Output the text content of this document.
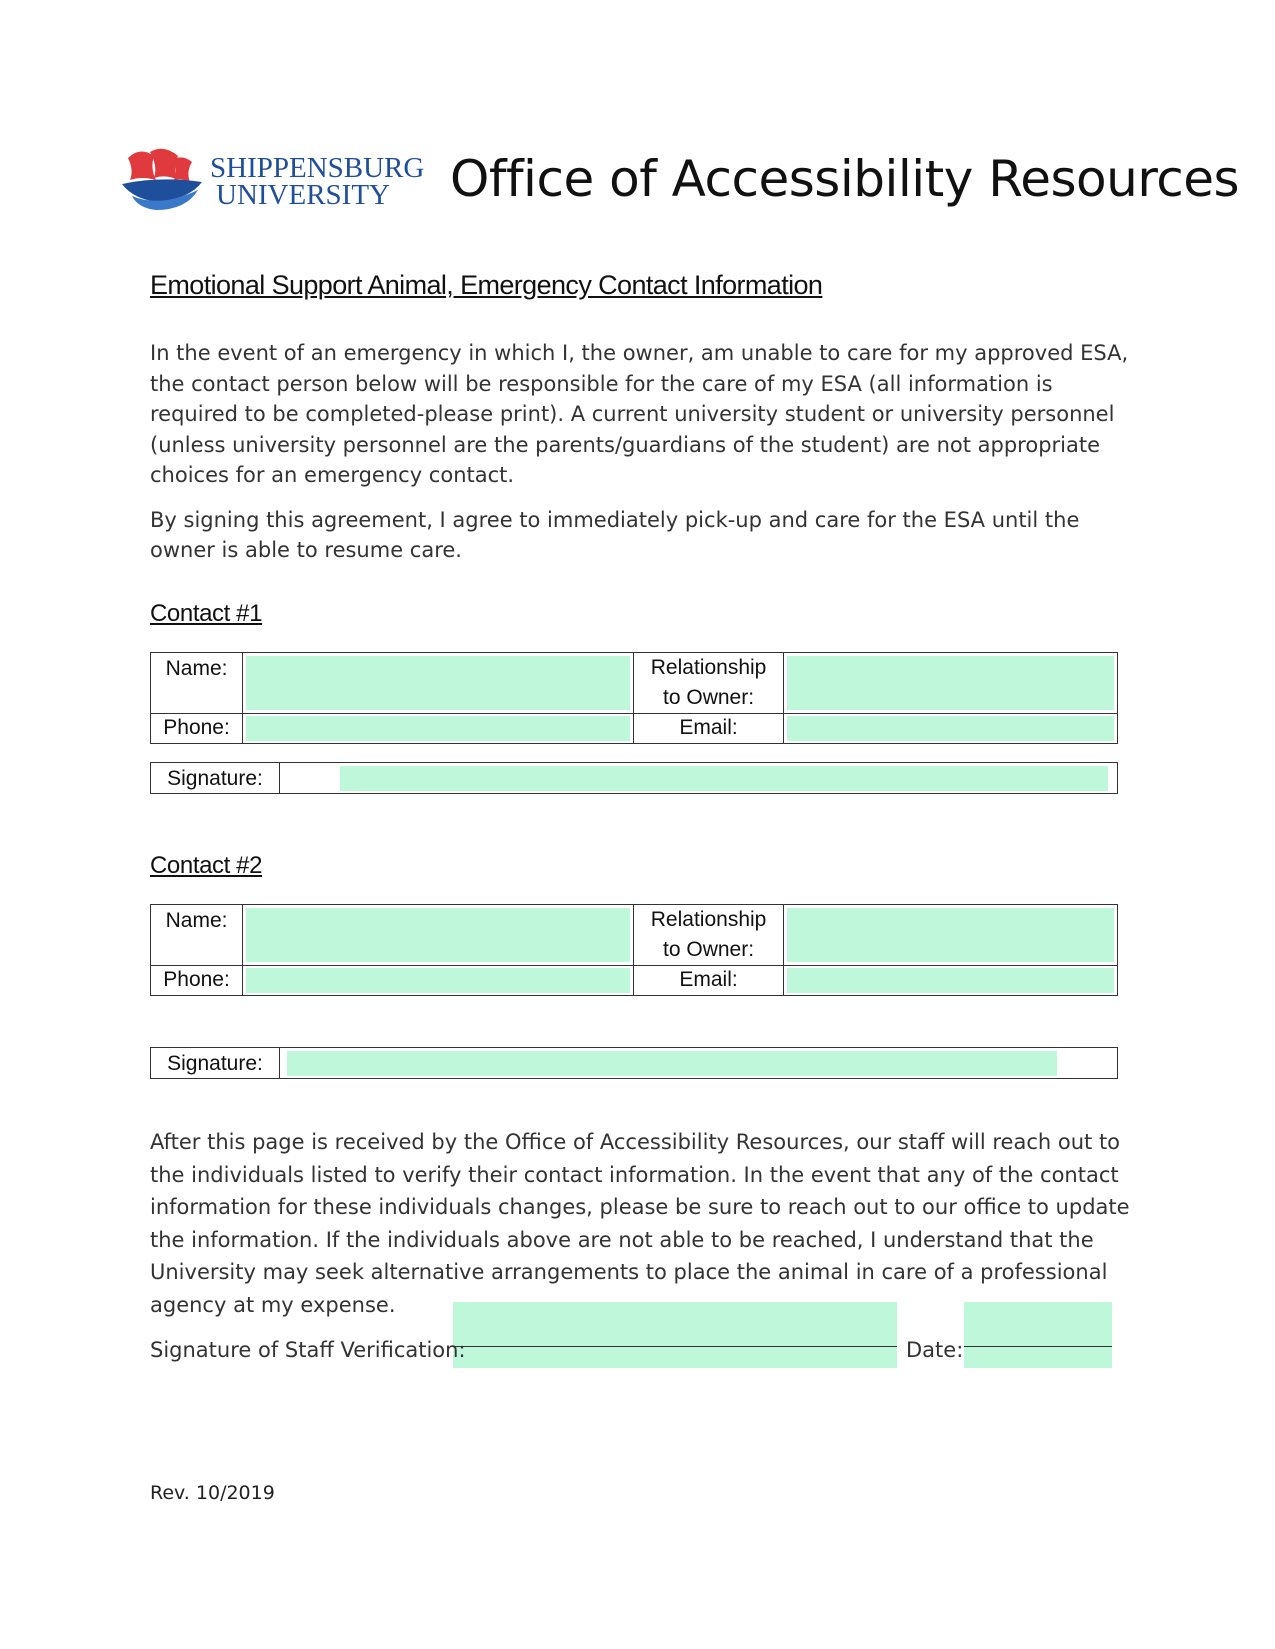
SHIPPENSBURG
UNIVERSITY	Office of Accessibility Resources
Emotional Support Animal, Emergency Contact Information

In the event of an emergency in which I, the owner, am unable to care for my approved ESA, the contact person below will be responsible for the care of my ESA (all information is required to be completed-please print). A current university student or university personnel (unless university personnel are the parents/guardians of the student) are not appropriate choices for an emergency contact.

By signing this agreement, I agree to immediately pick-up and care for the ESA until the owner is able to resume care.

Contact #1
Name:		Relationship
to Owner:	

Phone:		Email:	
Signature:
Contact #2
Name:		Relationship
to Owner:	

Phone:		Email:	
Signature:

After this page is received by the Office of Accessibility Resources, our staff will reach out to the individuals listed to verify their contact information. In the event that any of the contact information for these individuals changes, please be sure to reach out to our office to update the information. If the individuals above are not able to be reached, I understand that the University may seek alternative arrangements to place the animal in care of a professional agency at my expense.

Signature of Staff Verification:	Date:
Rev. 10/2019
